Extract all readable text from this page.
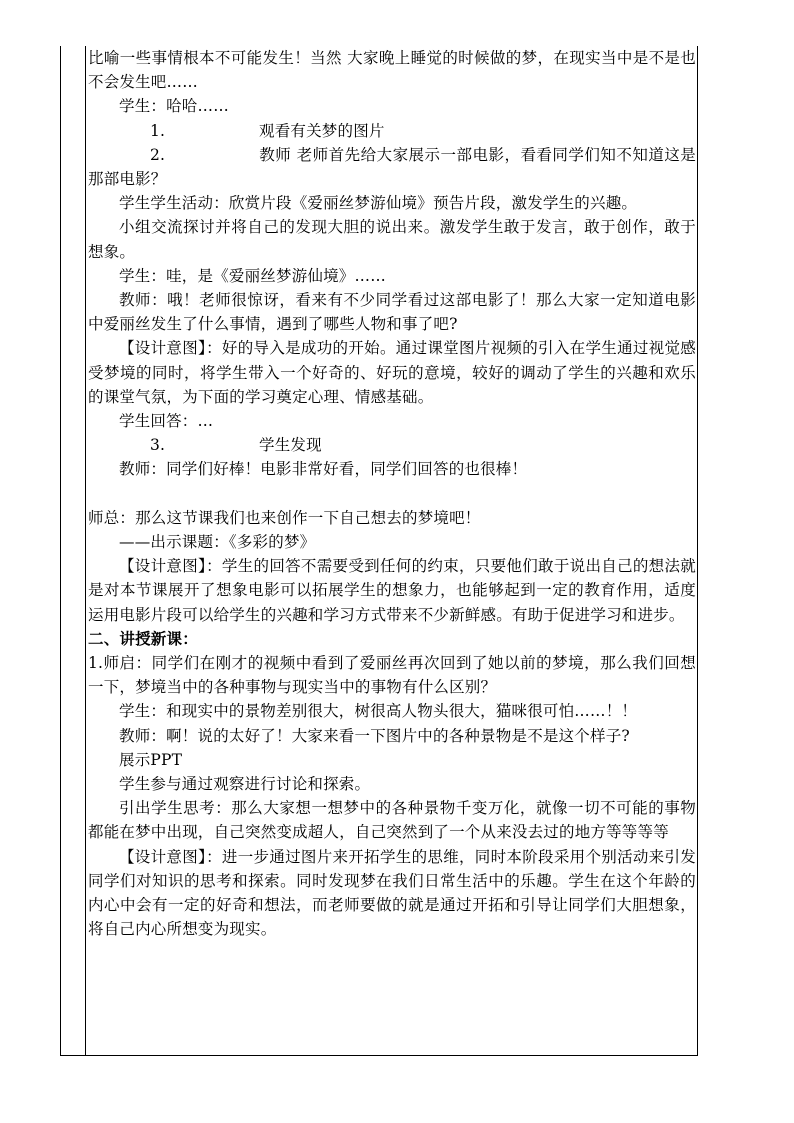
比喻一些事情根本不可能发生！当然 大家晚上睡觉的时候做的梦，在现实当中是不是也不会发生吧……

学生：哈哈……

1.	观看有关梦的图片

2.	教师 老师首先给大家展示一部电影，看看同学们知不知道这是那部电影？

学生学生活动：欣赏片段《爱丽丝梦游仙境》预告片段，激发学生的兴趣。

小组交流探讨并将自己的发现大胆的说出来。激发学生敢于发言，敢于创作，敢于想象。

学生：哇，是《爱丽丝梦游仙境》……

教师：哦！老师很惊讶，看来有不少同学看过这部电影了！那么大家一定知道电影中爱丽丝发生了什么事情，遇到了哪些人物和事了吧?

【设计意图】：好的导入是成功的开始。通过课堂图片视频的引入在学生通过视觉感受梦境的同时，将学生带入一个好奇的、好玩的意境，较好的调动了学生的兴趣和欢乐的课堂气氛，为下面的学习奠定心理、情感基础。

学生回答：…

3.	学生发现

教师：同学们好棒！电影非常好看，同学们回答的也很棒！

师总：那么这节课我们也来创作一下自己想去的梦境吧！

——出示课题：《多彩的梦》

【设计意图】：学生的回答不需要受到任何的约束，只要他们敢于说出自己的想法就是对本节课展开了想象电影可以拓展学生的想象力，也能够起到一定的教育作用，适度运用电影片段可以给学生的兴趣和学习方式带来不少新鲜感。有助于促进学习和进步。

二、讲授新课：

1.师启：同学们在刚才的视频中看到了爱丽丝再次回到了她以前的梦境，那么我们回想一下，梦境当中的各种事物与现实当中的事物有什么区别？

学生：和现实中的景物差别很大，树很高人物头很大，猫咪很可怕……！！

教师：啊！说的太好了！大家来看一下图片中的各种景物是不是这个样子?

展示PPT

学生参与通过观察进行讨论和探索。

引出学生思考：那么大家想一想梦中的各种景物千变万化，就像一切不可能的事物都能在梦中出现，自己突然变成超人，自己突然到了一个从来没去过的地方等等等等

【设计意图】：进一步通过图片来开拓学生的思维，同时本阶段采用个别活动来引发同学们对知识的思考和探索。同时发现梦在我们日常生活中的乐趣。学生在这个年龄的内心中会有一定的好奇和想法，而老师要做的就是通过开拓和引导让同学们大胆想象，将自己内心所想变为现实。
